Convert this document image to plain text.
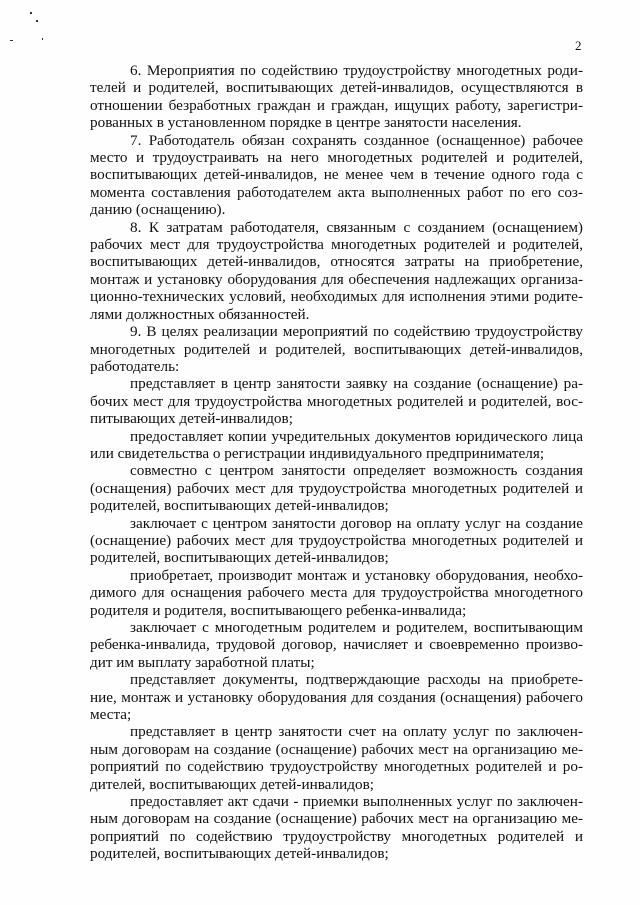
2

6. Мероприятия по содействию трудоустройству многодетных родителей и родителей, воспитывающих детей-инвалидов, осуществляются в отношении безработных граждан и граждан, ищущих работу, зарегистрированных в установленном порядке в центре занятости населения.

7. Работодатель обязан сохранять созданное (оснащенное) рабочее место и трудоустраивать на него многодетных родителей и родителей, воспитывающих детей-инвалидов, не менее чем в течение одного года с момента составления работодателем акта выполненных работ по его созданию (оснащению).

8. К затратам работодателя, связанным с созданием (оснащением) рабочих мест для трудоустройства многодетных родителей и родителей, воспитывающих детей-инвалидов, относятся затраты на приобретение, монтаж и установку оборудования для обеспечения надлежащих организационно-технических условий, необходимых для исполнения этими родителями должностных обязанностей.

9. В целях реализации мероприятий по содействию трудоустройству многодетных родителей и родителей, воспитывающих детей-инвалидов, работодатель:

представляет в центр занятости заявку на создание (оснащение) рабочих мест для трудоустройства многодетных родителей и родителей, воспитывающих детей-инвалидов;

предоставляет копии учредительных документов юридического лица или свидетельства о регистрации индивидуального предпринимателя;

совместно с центром занятости определяет возможность создания (оснащения) рабочих мест для трудоустройства многодетных родителей и родителей, воспитывающих детей-инвалидов;

заключает с центром занятости договор на оплату услуг на создание (оснащение) рабочих мест для трудоустройства многодетных родителей и родителей, воспитывающих детей-инвалидов;

приобретает, производит монтаж и установку оборудования, необходимого для оснащения рабочего места для трудоустройства многодетного родителя и родителя, воспитывающего ребенка-инвалида;

заключает с многодетным родителем и родителем, воспитывающим ребенка-инвалида, трудовой договор, начисляет и своевременно производит им выплату заработной платы;

представляет документы, подтверждающие расходы на приобретение, монтаж и установку оборудования для создания (оснащения) рабочего места;

представляет в центр занятости счет на оплату услуг по заключенным договорам на создание (оснащение) рабочих мест на организацию мероприятий по содействию трудоустройству многодетных родителей и родителей, воспитывающих детей-инвалидов;

предоставляет акт сдачи - приемки выполненных услуг по заключенным договорам на создание (оснащение) рабочих мест на организацию мероприятий по содействию трудоустройству многодетных родителей и родителей, воспитывающих детей-инвалидов;
